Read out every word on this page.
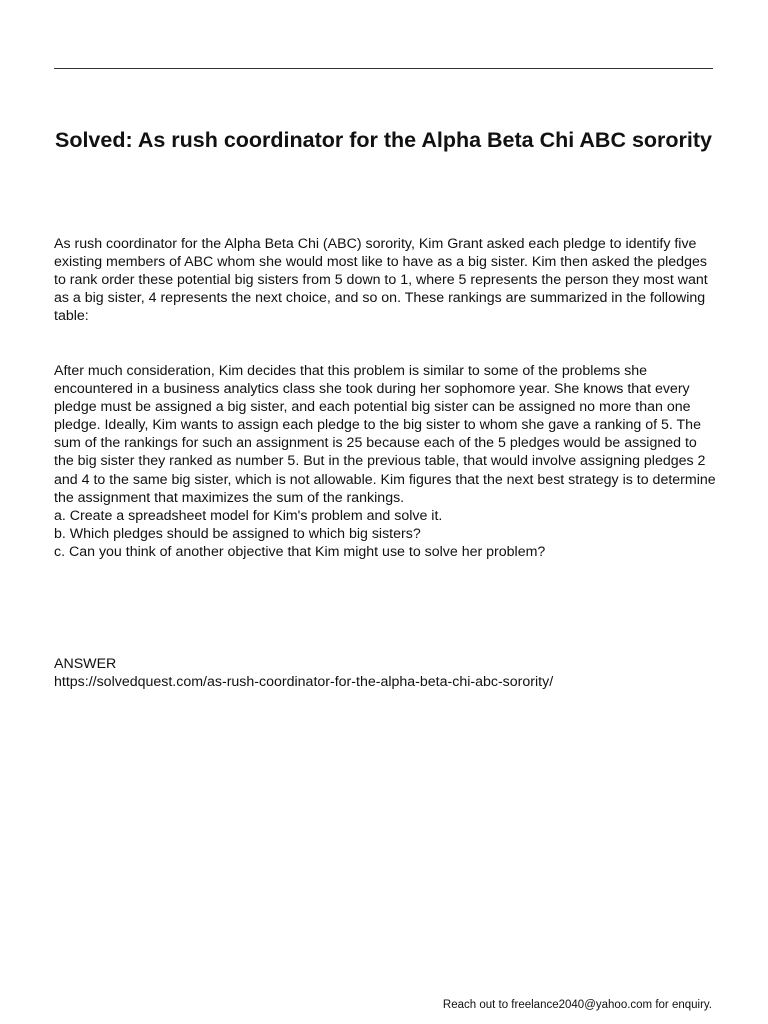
Solved: As rush coordinator for the Alpha Beta Chi ABC sorority

As rush coordinator for the Alpha Beta Chi (ABC) sorority, Kim Grant asked each pledge to identify five existing members of ABC whom she would most like to have as a big sister. Kim then asked the pledges to rank order these potential big sisters from 5 down to 1, where 5 represents the person they most want as a big sister, 4 represents the next choice, and so on. These rankings are summarized in the following table:

After much consideration, Kim decides that this problem is similar to some of the problems she encountered in a business analytics class she took during her sophomore year. She knows that every pledge must be assigned a big sister, and each potential big sister can be assigned no more than one pledge. Ideally, Kim wants to assign each pledge to the big sister to whom she gave a ranking of 5. The sum of the rankings for such an assignment is 25 because each of the 5 pledges would be assigned to the big sister they ranked as number 5. But in the previous table, that would involve assigning pledges 2 and 4 to the same big sister, which is not allowable. Kim figures that the next best strategy is to determine the assignment that maximizes the sum of the rankings.
a. Create a spreadsheet model for Kim's problem and solve it.
b. Which pledges should be assigned to which big sisters?
c. Can you think of another objective that Kim might use to solve her problem?
ANSWER
https://solvedquest.com/as-rush-coordinator-for-the-alpha-beta-chi-abc-sorority/
Reach out to freelance2040@yahoo.com for enquiry.
